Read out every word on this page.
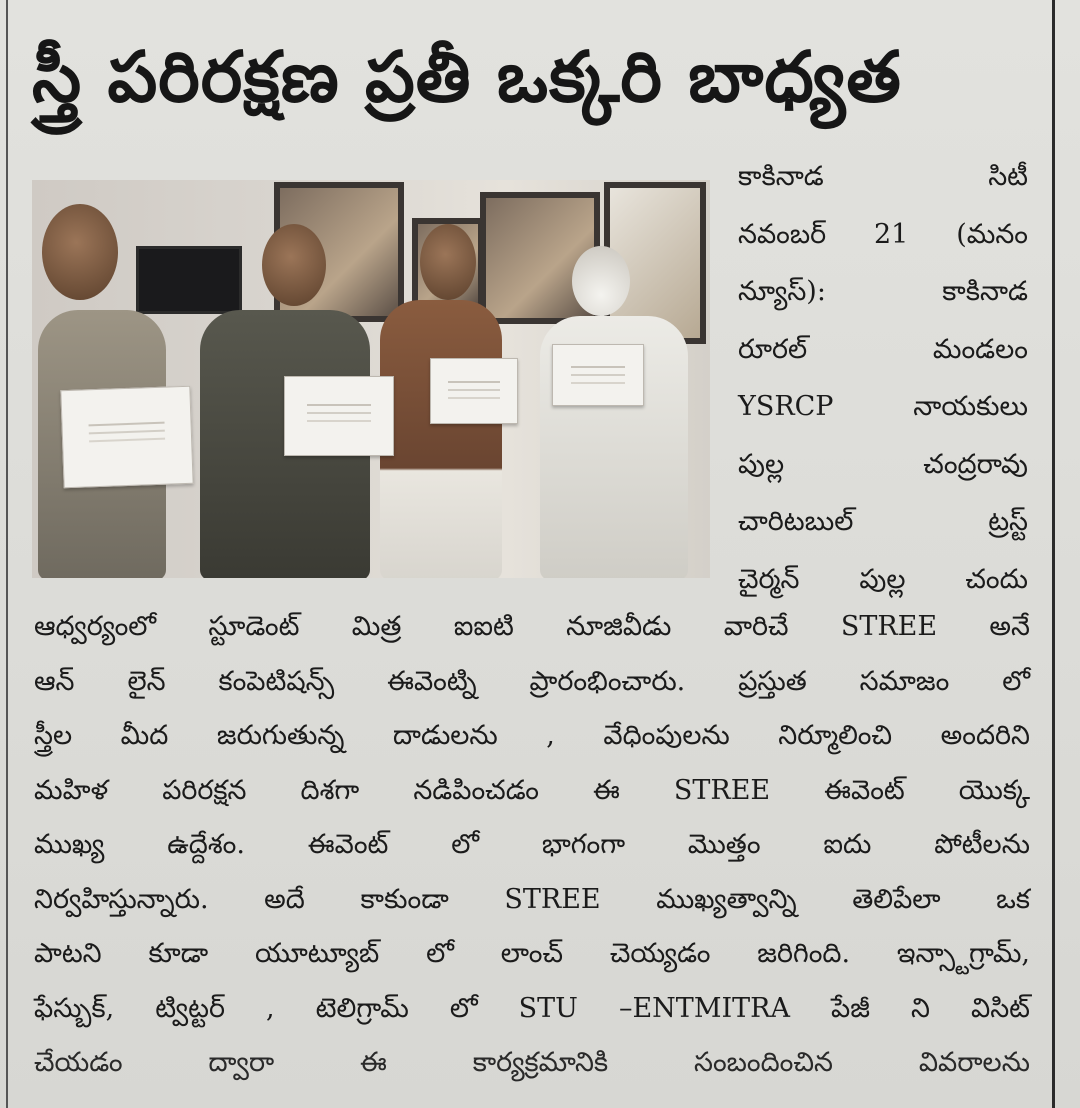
స్త్రీ పరిరక్షణ ప్రతీ ఒక్కరి బాధ్యత
కాకినాడ సిటీ
నవంబర్ 21 (మనం
న్యూస్): కాకినాడ
రూరల్ మండలం
YSRCP నాయకులు
పుల్ల చంద్రరావు
చారిటబుల్ ట్రస్ట్
చైర్మన్ పుల్ల చందు
ఆధ్వర్యంలో స్టూడెంట్ మిత్ర ఐఐటి నూజివీడు వారిచే STREE అనే
ఆన్ లైన్ కంపెటిషన్స్ ఈవెంట్ని ప్రారంభించారు. ప్రస్తుత సమాజం లో
స్త్రీల మీద జరుగుతున్న దాడులను , వేధింపులను నిర్మూలించి అందరిని
మహిళ పరిరక్షన దిశగా నడిపించడం ఈ STREE ఈవెంట్ యొక్క
ముఖ్య ఉద్దేశం. ఈవెంట్ లో భాగంగా మొత్తం ఐదు పోటీలను
నిర్వహిస్తున్నారు. అదే కాకుండా STREE ముఖ్యత్వాన్ని తెలిపేలా ఒక
పాటని కూడా యూట్యూబ్ లో లాంచ్ చెయ్యడం జరిగింది. ఇన్స్టాగ్రామ్,
ఫేస్బుక్, ట్విట్టర్ , టెలిగ్రామ్ లో STU –ENTMITRA పేజీ ని విసిట్
చేయడం ద్వారా ఈ కార్యక్రమానికి సంబందించిన వివరాలను
